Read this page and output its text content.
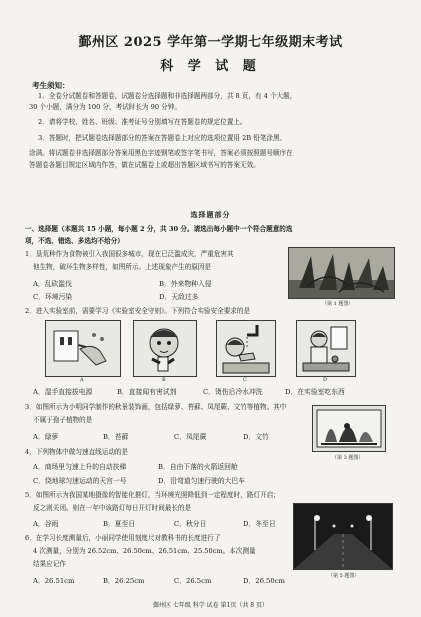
鄞州区 2025 学年第一学期七年级期末考试
科 学 试 题
考生须知：
1．全卷分试题卷和答题卷，试题卷分选择题和非选择题两部分，共 8 页，有 4 个大题，
30 个小题，满分为 100 分，考试时长为 90 分钟。
2．请将学校、姓名、班级、准考证号分别填写在答题卷的规定位置上。
3．答题时，把试题卷选择题部分的答案在答题卷上对应的选项位置用 2B 铅笔涂黑、
涂满。将试题卷非选择题部分答案用黑色字迹钢笔或签字笔书写，答案必须按照题号顺序在
答题卷各题目规定区域内作答，做在试题卷上或超出答题区域书写的答案无效。
选择题部分
一、选择题（本题共 15 小题，每小题 2 分，共 30 分。请选出每小题中一个符合题意的选
项，不选、错选、多选均不给分）
1．垦荒种作为食物被引入我国很多城市，现在已泛滥成灾，严重危害其
他生物，破坏生物多样性，如图所示。上述现象产生的原因是
A．乱砍滥伐	B．外来物种入侵
C．环境污染	D．天敌过多
（第 1 题图）
2．进入实验室前，需要学习《实验室安全守则》。下列符合实验安全要求的是
A	B	C	D
A．湿手直接拔电源	B．直接闻有害试剂	C．烫伤后冷水冲洗	D．在实验室吃东西
3．如图所示为小明同学制作的秋景装饰画，包括绿萝、苔藓、凤尾蕨、文竹等植物。其中
不属于孢子植物的是
A．绿萝	B．苔藓	C．凤尾蕨	D．文竹
（第 3 题图）
4．下列物体中做匀速直线运动的是
A．商场里匀速上升的自动扶梯	B．自由下落的火箭返回舱
C．绕地球匀速运动的天宫一号	D．沿弯道匀速行驶的大巴车
5．如图所示为我国某地摄像的智能化推灯，当环境光照降低到一定程度时，路灯开启；
反之则关闭。则在一年中该路灯每日开灯时间最长的是
A．谷雨	B．夏至日	C．秋分日	D．冬至日
6．在学习长度测量后，小丽同学使用刻度尺对教科书的长度进行了
4 次测量，分别为 26.52cm、26.50cm、26.51cm、25.50cm。本次测量
结果应记作
A．26.51cm	B．26.25cm	C．26.5cm	D．26.50cm
（第 5 题图）
鄞州区 七年级 科学 试卷 第1页（共 8 页）
